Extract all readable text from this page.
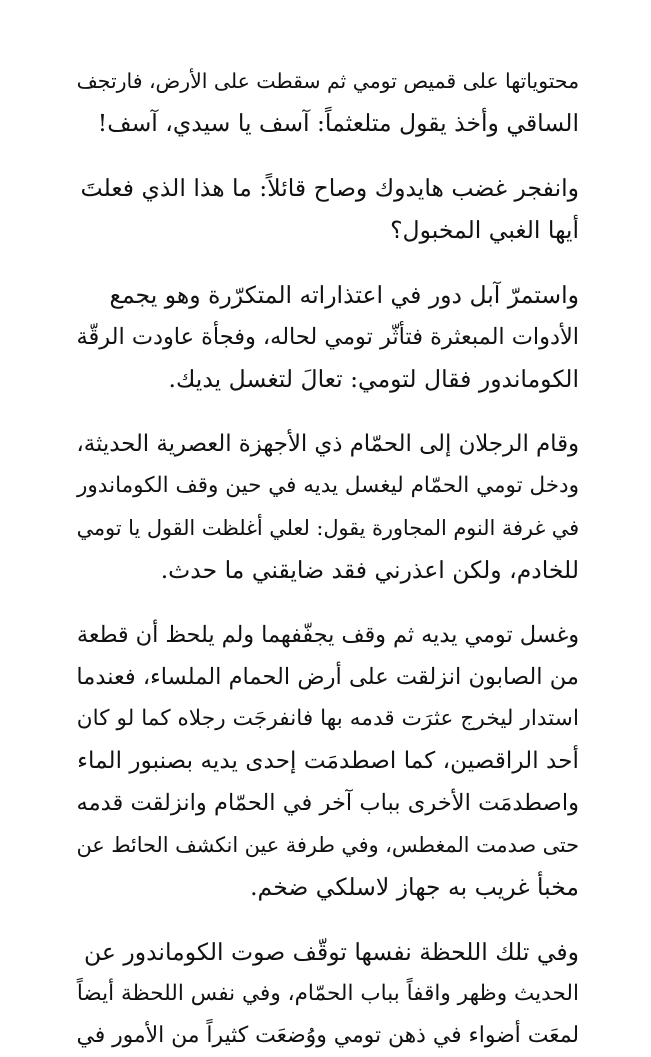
محتوياتها على قميص تومي ثم سقطت على الأرض، فارتجف
الساقي وأخذ يقول متلعثماً: آسف يا سيدي، آسف!

وانفجر غضب هايدوك وصاح قائلاً: ما هذا الذي فعلتَ
أيها الغبي المخبول؟

واستمرّ آبل دور في اعتذاراته المتكرّرة وهو يجمع
الأدوات المبعثرة فتأثّر تومي لحاله، وفجأة عاودت الرقّة
الكوماندور فقال لتومي: تعالَ لتغسل يديك.

وقام الرجلان إلى الحمّام ذي الأجهزة العصرية الحديثة،
ودخل تومي الحمّام ليغسل يديه في حين وقف الكوماندور
في غرفة النوم المجاورة يقول: لعلي أغلظت القول يا تومي
للخادم، ولكن اعذرني فقد ضايقني ما حدث.

وغسل تومي يديه ثم وقف يجفّفهما ولم يلحظ أن قطعة
من الصابون انزلقت على أرض الحمام الملساء، فعندما
استدار ليخرج عثرَت قدمه بها فانفرجَت رجلاه كما لو كان
أحد الراقصين، كما اصطدمَت إحدى يديه بصنبور الماء
واصطدمَت الأخرى بباب آخر في الحمّام وانزلقت قدمه
حتى صدمت المغطس، وفي طرفة عين انكشف الحائط عن
مخبأ غريب به جهاز لاسلكي ضخم.

وفي تلك اللحظة نفسها توقّف صوت الكوماندور عن
الحديث وظهر واقفاً بباب الحمّام، وفي نفس اللحظة أيضاً
لمعَت أضواء في ذهن تومي ووُضعَت كثيراً من الأمور في
